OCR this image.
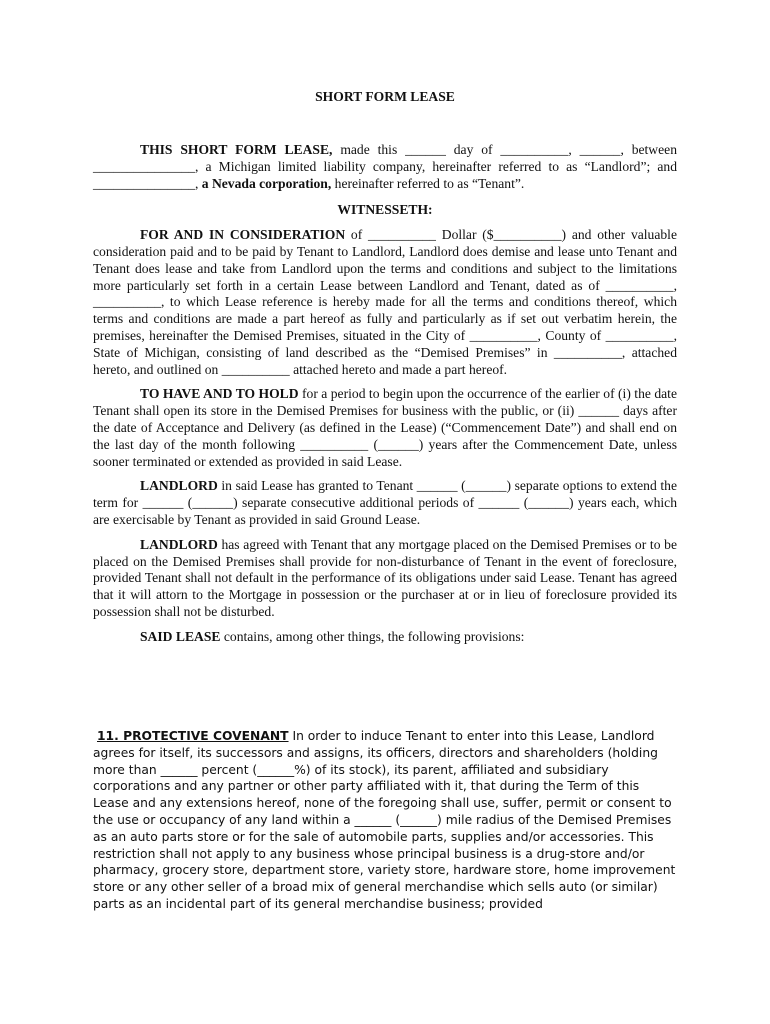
SHORT FORM LEASE

THIS SHORT FORM LEASE, made this ______ day of __________, ______, between _______________, a Michigan limited liability company, hereinafter referred to as “Landlord”; and _______________, a Nevada corporation, hereinafter referred to as “Tenant”.

WITNESSETH:

FOR AND IN CONSIDERATION of __________ Dollar ($__________) and other valuable consideration paid and to be paid by Tenant to Landlord, Landlord does demise and lease unto Tenant and Tenant does lease and take from Landlord upon the terms and conditions and subject to the limitations more particularly set forth in a certain Lease between Landlord and Tenant, dated as of __________, __________, to which Lease reference is hereby made for all the terms and conditions thereof, which terms and conditions are made a part hereof as fully and particularly as if set out verbatim herein, the premises, hereinafter the Demised Premises, situated in the City of __________, County of __________, State of Michigan, consisting of land described as the “Demised Premises” in __________, attached hereto, and outlined on __________ attached hereto and made a part hereof.

TO HAVE AND TO HOLD for a period to begin upon the occurrence of the earlier of (i) the date Tenant shall open its store in the Demised Premises for business with the public, or (ii) ______ days after the date of Acceptance and Delivery (as defined in the Lease) (“Commencement Date”) and shall end on the last day of the month following __________ (______) years after the Commencement Date, unless sooner terminated or extended as provided in said Lease.

LANDLORD in said Lease has granted to Tenant ______ (______) separate options to extend the term for ______ (______) separate consecutive additional periods of ______ (______) years each, which are exercisable by Tenant as provided in said Ground Lease.

LANDLORD has agreed with Tenant that any mortgage placed on the Demised Premises or to be placed on the Demised Premises shall provide for non-disturbance of Tenant in the event of foreclosure, provided Tenant shall not default in the performance of its obligations under said Lease. Tenant has agreed that it will attorn to the Mortgage in possession or the purchaser at or in lieu of foreclosure provided its possession shall not be disturbed.

SAID LEASE contains, among other things, the following provisions:

11. PROTECTIVE COVENANT In order to induce Tenant to enter into this Lease, Landlord agrees for itself, its successors and assigns, its officers, directors and shareholders (holding more than ______ percent (______%) of its stock), its parent, affiliated and subsidiary corporations and any partner or other party affiliated with it, that during the Term of this Lease and any extensions hereof, none of the foregoing shall use, suffer, permit or consent to the use or occupancy of any land within a ______ (______) mile radius of the Demised Premises as an auto parts store or for the sale of automobile parts, supplies and/or accessories. This restriction shall not apply to any business whose principal business is a drug-store and/or pharmacy, grocery store, department store, variety store, hardware store, home improvement store or any other seller of a broad mix of general merchandise which sells auto (or similar) parts as an incidental part of its general merchandise business; provided
